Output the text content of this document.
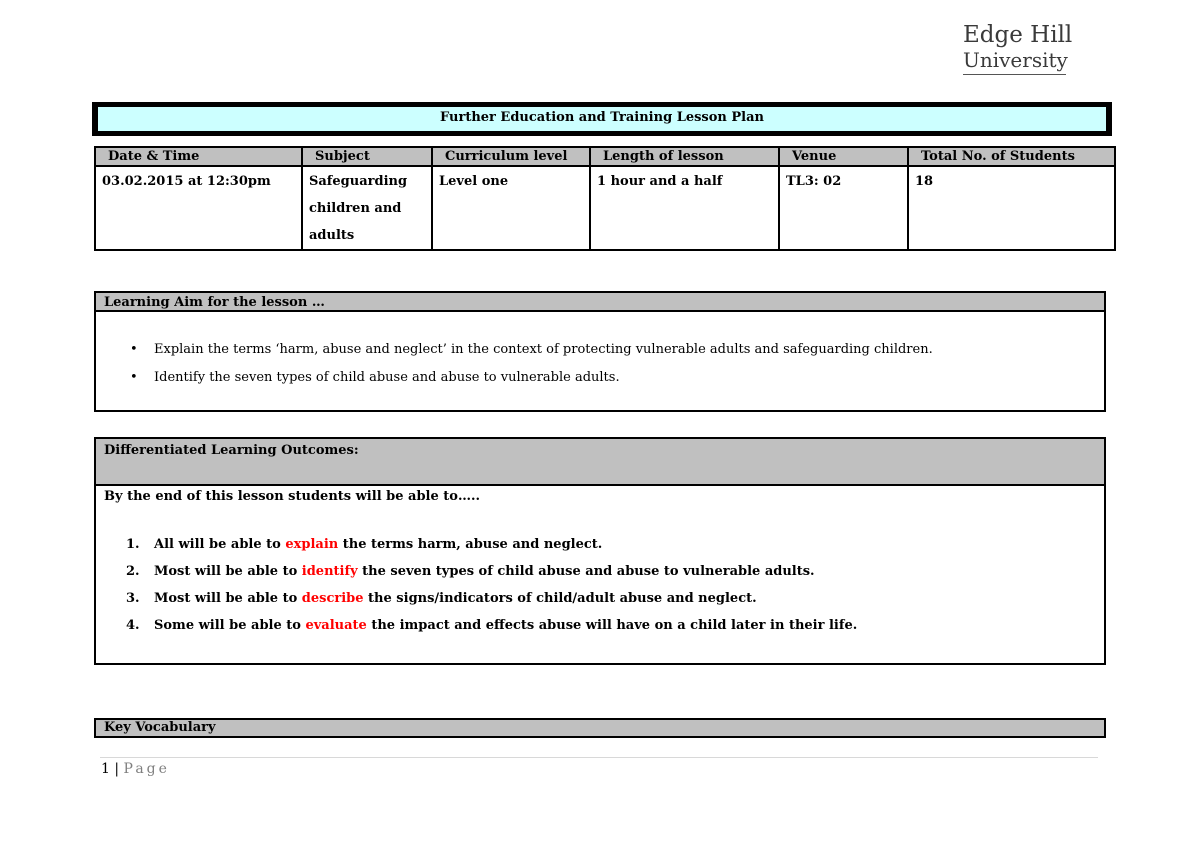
Edge Hill
University
Further Education and Training Lesson Plan
Date & Time	Subject	Curriculum level	Length of lesson	Venue	Total No. of Students
03.02.2015 at 12:30pm	Safeguarding children and adults	Level one	1 hour and a half	TL3: 02	18
Learning Aim for the lesson …
• Explain the terms ‘harm, abuse and neglect’ in the context of protecting vulnerable adults and safeguarding children.
• Identify the seven types of child abuse and abuse to vulnerable adults.
Differentiated Learning Outcomes:
By the end of this lesson students will be able to…..
1. All will be able to explain the terms harm, abuse and neglect.
2. Most will be able to identify the seven types of child abuse and abuse to vulnerable adults.
3. Most will be able to describe the signs/indicators of child/adult abuse and neglect.
4. Some will be able to evaluate the impact and effects abuse will have on a child later in their life.
Key Vocabulary
1 | Page
